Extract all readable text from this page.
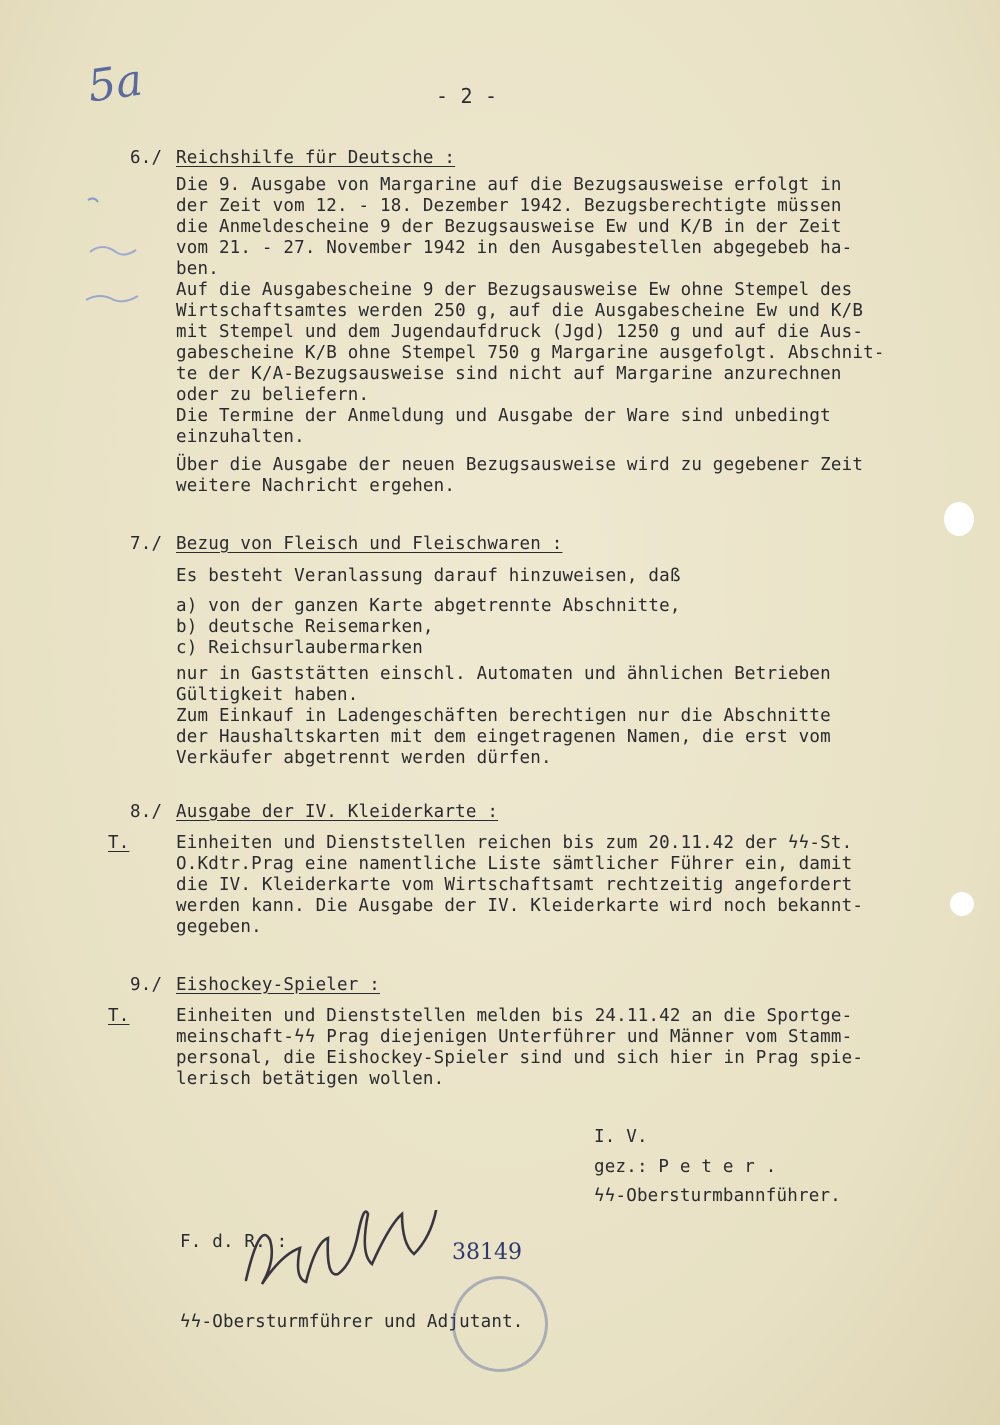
5a	- 2 -
6./ Reichshilfe für Deutsche :
Die 9. Ausgabe von Margarine auf die Bezugsausweise erfolgt in
der Zeit vom 12. - 18. Dezember 1942. Bezugsberechtigte müssen
die Anmeldescheine 9 der Bezugsausweise Ew und K/B in der Zeit
vom 21. - 27. November 1942 in den Ausgabestellen abgegebeb ha-
ben.
Auf die Ausgabescheine 9 der Bezugsausweise Ew ohne Stempel des
Wirtschaftsamtes werden 250 g, auf die Ausgabescheine Ew und K/B
mit Stempel und dem Jugendaufdruck (Jgd) 1250 g und auf die Aus-
gabescheine K/B ohne Stempel 750 g Margarine ausgefolgt. Abschnit-
te der K/A-Bezugsausweise sind nicht auf Margarine anzurechnen
oder zu beliefern.
Die Termine der Anmeldung und Ausgabe der Ware sind unbedingt
einzuhalten.
Über die Ausgabe der neuen Bezugsausweise wird zu gegebener Zeit
weitere Nachricht ergehen.
7./ Bezug von Fleisch und Fleischwaren :
Es besteht Veranlassung darauf hinzuweisen, daß
a) von der ganzen Karte abgetrennte Abschnitte,
b) deutsche Reisemarken,
c) Reichsurlaubermarken
nur in Gaststätten einschl. Automaten und ähnlichen Betrieben
Gültigkeit haben.
Zum Einkauf in Ladengeschäften berechtigen nur die Abschnitte
der Haushaltskarten mit dem eingetragenen Namen, die erst vom
Verkäufer abgetrennt werden dürfen.
8./ Ausgabe der IV. Kleiderkarte :
T.	Einheiten und Dienststellen reichen bis zum 20.11.42 der ϟϟ-St.
O.Kdtr.Prag eine namentliche Liste sämtlicher Führer ein, damit
die IV. Kleiderkarte vom Wirtschaftsamt rechtzeitig angefordert
werden kann. Die Ausgabe der IV. Kleiderkarte wird noch bekannt-
gegeben.
9./ Eishockey-Spieler :
T.	Einheiten und Dienststellen melden bis 24.11.42 an die Sportge-
meinschaft-ϟϟ Prag diejenigen Unterführer und Männer vom Stamm-
personal, die Eishockey-Spieler sind und sich hier in Prag spie-
lerisch betätigen wollen.
I. V.
gez.: P e t e r .
ϟϟ-Obersturmbannführer.
F. d. R. :	38149
ϟϟ-Obersturmführer und Adjutant.
